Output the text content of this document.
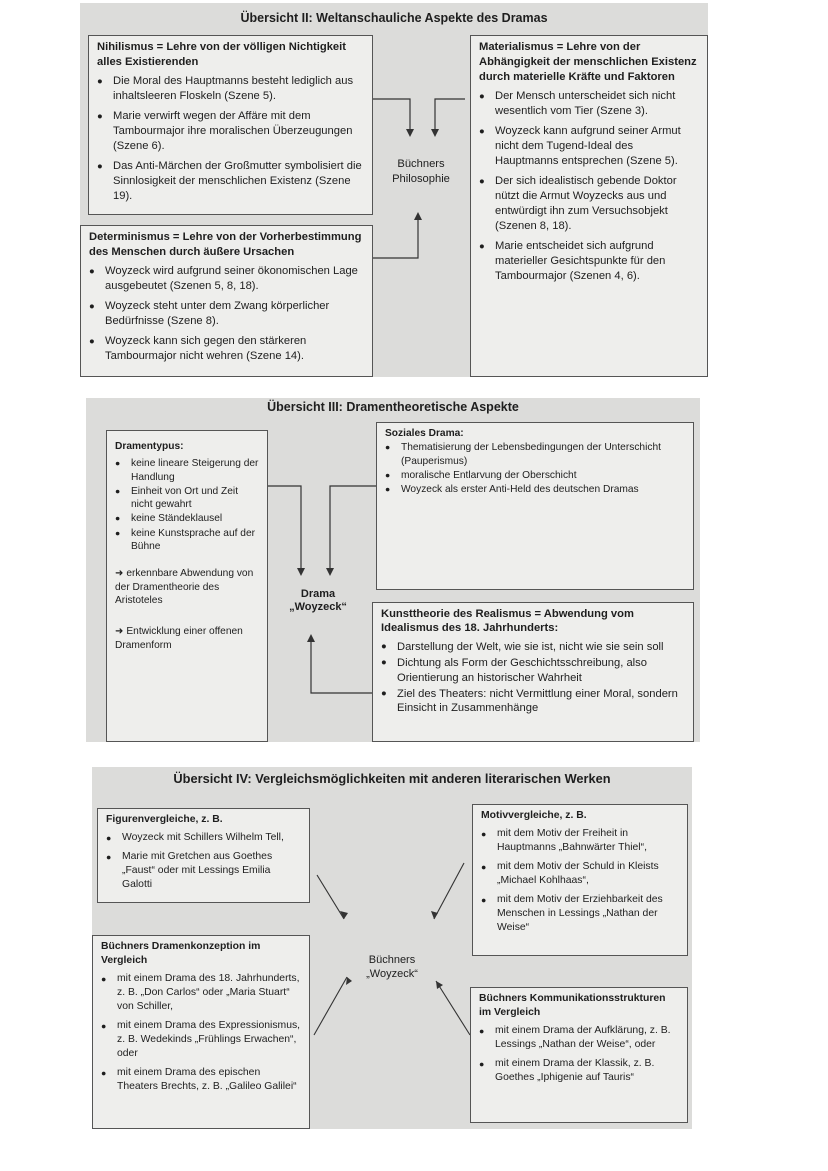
Übersicht II: Weltanschauliche Aspekte des Dramas
Nihilismus = Lehre von der völligen Nichtigkeit alles Existierenden
● Die Moral des Hauptmanns besteht lediglich aus inhaltsleeren Floskeln (Szene 5).
● Marie verwirft wegen der Affäre mit dem Tambourmajor ihre moralischen Überzeugungen (Szene 6).
● Das Anti-Märchen der Großmutter symbolisiert die Sinnlosigkeit der menschlichen Existenz (Szene 19).
Determinismus = Lehre von der Vorherbestimmung des Menschen durch äußere Ursachen
● Woyzeck wird aufgrund seiner ökonomischen Lage ausgebeutet (Szenen 5, 8, 18).
● Woyzeck steht unter dem Zwang körperlicher Bedürfnisse (Szene 8).
● Woyzeck kann sich gegen den stärkeren Tambourmajor nicht wehren (Szene 14).
Büchners Philosophie
Materialismus = Lehre von der Abhängigkeit der menschlichen Existenz durch materielle Kräfte und Faktoren
● Der Mensch unterscheidet sich nicht wesentlich vom Tier (Szene 3).
● Woyzeck kann aufgrund seiner Armut nicht dem Tugend-Ideal des Hauptmanns entsprechen (Szene 5).
● Der sich idealistisch gebende Doktor nützt die Armut Woyzecks aus und entwürdigt ihn zum Versuchsobjekt (Szenen 8, 18).
● Marie entscheidet sich aufgrund materieller Gesichtspunkte für den Tambourmajor (Szenen 4, 6).
Übersicht III: Dramentheoretische Aspekte
Dramentypus:
● keine lineare Steigerung der Handlung
● Einheit von Ort und Zeit nicht gewahrt
● keine Ständeklausel
● keine Kunstsprache auf der Bühne
➜ erkennbare Abwendung von der Dramentheorie des Aristoteles
➜ Entwicklung einer offenen Dramenform
Drama
„Woyzeck“
Soziales Drama:
● Thematisierung der Lebensbedingungen der Unterschicht (Pauperismus)
● moralische Entlarvung der Oberschicht
● Woyzeck als erster Anti-Held des deutschen Dramas
Kunsttheorie des Realismus = Abwendung vom Idealismus des 18. Jahrhunderts:
● Darstellung der Welt, wie sie ist, nicht wie sie sein soll
● Dichtung als Form der Geschichtsschreibung, also Orientierung an historischer Wahrheit
● Ziel des Theaters: nicht Vermittlung einer Moral, sondern Einsicht in Zusammenhänge
Übersicht IV: Vergleichsmöglichkeiten mit anderen literarischen Werken
Figurenvergleiche, z. B.
● Woyzeck mit Schillers Wilhelm Tell,
● Marie mit Gretchen aus Goethes „Faust“ oder mit Lessings Emilia Galotti
Motivvergleiche, z. B.
● mit dem Motiv der Freiheit in Hauptmanns „Bahnwärter Thiel“,
● mit dem Motiv der Schuld in Kleists „Michael Kohlhaas“,
● mit dem Motiv der Erziehbarkeit des Menschen in Lessings „Nathan der Weise“
Büchners
„Woyzeck“
Büchners Dramenkonzeption im Vergleich
● mit einem Drama des 18. Jahrhunderts, z. B. „Don Carlos“ oder „Maria Stuart“ von Schiller,
● mit einem Drama des Expressionismus, z. B. Wedekinds „Frühlings Erwachen“, oder
● mit einem Drama des epischen Theaters Brechts, z. B. „Galileo Galilei“
Büchners Kommunikationsstrukturen im Vergleich
● mit einem Drama der Aufklärung, z. B. Lessings „Nathan der Weise“, oder
● mit einem Drama der Klassik, z. B. Goethes „Iphigenie auf Tauris“
